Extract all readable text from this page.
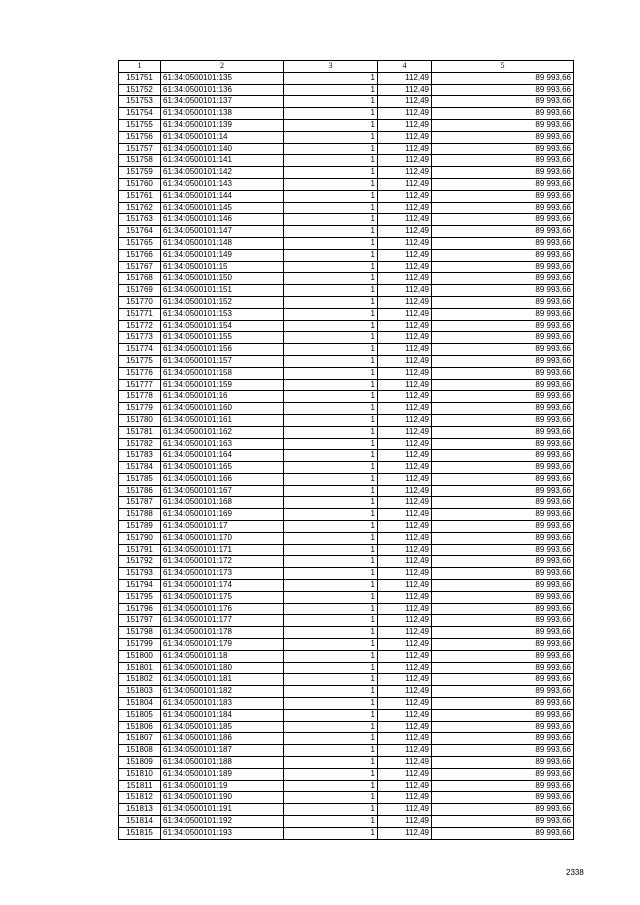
1	2	3	4	5
151751	61:34:0500101:135	1	112,49	89 993,66
151752	61:34:0500101:136	1	112,49	89 993,66
151753	61:34:0500101:137	1	112,49	89 993,66
151754	61:34:0500101:138	1	112,49	89 993,66
151755	61:34:0500101:139	1	112,49	89 993,66
151756	61:34:0500101:14	1	112,49	89 993,66
151757	61:34:0500101:140	1	112,49	89 993,66
151758	61:34:0500101:141	1	112,49	89 993,66
151759	61:34:0500101:142	1	112,49	89 993,66
151760	61:34:0500101:143	1	112,49	89 993,66
151761	61:34:0500101:144	1	112,49	89 993,66
151762	61:34:0500101:145	1	112,49	89 993,66
151763	61:34:0500101:146	1	112,49	89 993,66
151764	61:34:0500101:147	1	112,49	89 993,66
151765	61:34:0500101:148	1	112,49	89 993,66
151766	61:34:0500101:149	1	112,49	89 993,66
151767	61:34:0500101:15	1	112,49	89 993,66
151768	61:34:0500101:150	1	112,49	89 993,66
151769	61:34:0500101:151	1	112,49	89 993,66
151770	61:34:0500101:152	1	112,49	89 993,66
151771	61:34:0500101:153	1	112,49	89 993,66
151772	61:34:0500101:154	1	112,49	89 993,66
151773	61:34:0500101:155	1	112,49	89 993,66
151774	61:34:0500101:156	1	112,49	89 993,66
151775	61:34:0500101:157	1	112,49	89 993,66
151776	61:34:0500101:158	1	112,49	89 993,66
151777	61:34:0500101:159	1	112,49	89 993,66
151778	61:34:0500101:16	1	112,49	89 993,66
151779	61:34:0500101:160	1	112,49	89 993,66
151780	61:34:0500101:161	1	112,49	89 993,66
151781	61:34:0500101:162	1	112,49	89 993,66
151782	61:34:0500101:163	1	112,49	89 993,66
151783	61:34:0500101:164	1	112,49	89 993,66
151784	61:34:0500101:165	1	112,49	89 993,66
151785	61:34:0500101:166	1	112,49	89 993,66
151786	61:34:0500101:167	1	112,49	89 993,66
151787	61:34:0500101:168	1	112,49	89 993,66
151788	61:34:0500101:169	1	112,49	89 993,66
151789	61:34:0500101:17	1	112,49	89 993,66
151790	61:34:0500101:170	1	112,49	89 993,66
151791	61:34:0500101:171	1	112,49	89 993,66
151792	61:34:0500101:172	1	112,49	89 993,66
151793	61:34:0500101:173	1	112,49	89 993,66
151794	61:34:0500101:174	1	112,49	89 993,66
151795	61:34:0500101:175	1	112,49	89 993,66
151796	61:34:0500101:176	1	112,49	89 993,66
151797	61:34:0500101:177	1	112,49	89 993,66
151798	61:34:0500101:178	1	112,49	89 993,66
151799	61:34:0500101:179	1	112,49	89 993,66
151800	61:34:0500101:18	1	112,49	89 993,66
151801	61:34:0500101:180	1	112,49	89 993,66
151802	61:34:0500101:181	1	112,49	89 993,66
151803	61:34:0500101:182	1	112,49	89 993,66
151804	61:34:0500101:183	1	112,49	89 993,66
151805	61:34:0500101:184	1	112,49	89 993,66
151806	61:34:0500101:185	1	112,49	89 993,66
151807	61:34:0500101:186	1	112,49	89 993,66
151808	61:34:0500101:187	1	112,49	89 993,66
151809	61:34:0500101:188	1	112,49	89 993,66
151810	61:34:0500101:189	1	112,49	89 993,66
151811	61:34:0500101:19	1	112,49	89 993,66
151812	61:34:0500101:190	1	112,49	89 993,66
151813	61:34:0500101:191	1	112,49	89 993,66
151814	61:34:0500101:192	1	112,49	89 993,66
151815	61:34:0500101:193	1	112,49	89 993,66
2338
